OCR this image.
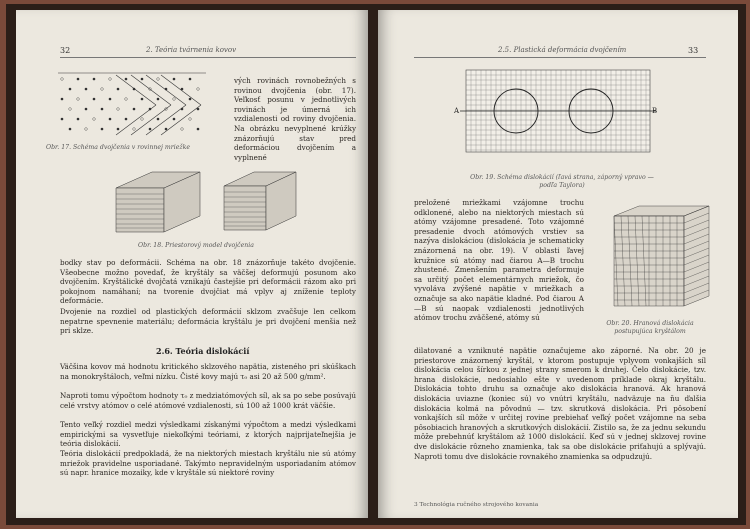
32	2. Teória tvárnenia kovov
Obr. 17. Schéma dvojčenia v rovinnej mriežke
vých rovinách rovnobežných s rovinou dvojčenia (obr. 17). Veľkosť posunu v jednotlivých rovinách je úmerná ich vzdialenosti od roviny dvojčenia. Na obrázku nevyplnené krúžky znázorňujú stav pred deformáciou dvojčením a vyplnené
Obr. 18. Priestorový model dvojčenia
bodky stav po deformácii. Schéma na obr. 18 znázorňuje takéto dvojčenie. Všeobecne možno povedať, že kryštály sa väčšej deformujú posunom ako dvojčením. Kryštálické dvojčatá vznikajú častejšie pri deformácii rázom ako pri pokojnom namáhaní; na tvorenie dvojčiat má vplyv aj zníženie teploty deformácie.
Dvojenie na rozdiel od plastických deformácií sklzom zvačšuje len celkom nepatrne spevnenie materiálu; deformácia kryštálu je pri dvojčení menšia než pri sklze.
2.6. Teória dislokácií
Väčšina kovov má hodnotu kritického sklzového napätia, zistenéhо pri skúškach na monokryštáloch, veľmi nízku. Čisté kovy majú τ₀ asi 20 až 500 g/mm².
Naproti tomu výpočtom hodnoty τ₀ z medziatómových síl, ak sa po sebe posúvajú celé vrstvy atómov o celé atómové vzdialenosti, sú 100 až 1000 krát väčšie.
Tento veľký rozdiel medzi výsledkami získanými výpočtom a medzi výsledkami empirickými sa vysvetľuje niekoľkými teóriami, z ktorých najprijateľnejšia je teória dislokácií.
Teória dislokácií predpokladá, že na niektorých miestach kryštálu nie sú atómy mriežok pravidelne usporiadané. Takýmto nepravidelným usporiadaním atómov sú napr. hranice mozaiky, kde v kryštále sú niektoré roviny
2.5. Plastická deformácia dvojčením	33
A	B
Obr. 19. Schéma dislokácií (ľavá strana, záporný vpravo — podľa Taylora)
preložené mriežkami vzájomne trochu odklonené, alebo na niektorých miestach sú atómy vzájomne presadené. Toto vzájomné presadenie dvoch atómových vrstiev sa nazýva dislokáciou (dislokácia je schematicky znázornená na obr. 19). V oblasti ľavej kružnice sú atómy nad čiarou A—B trochu zhustené. Zmenšením parametra deformuje sa určitý počet elementárnych mriežok, čo vyvoláva zvýšené napätie v mriežkach a označuje sa ako napätie kladné. Pod čiarou A—B sú naopak vzdialenosti jednotlivých atómov trochu zväčšené, atómy sú
Obr. 20. Hranová dislokácia postupujúca kryštálom
dilatované a vzniknuté napätie označujeme ako záporné. Na obr. 20 je priestorove znázornený kryštál, v ktorom postupuje vplyvom vonkajších síl dislokácia celou šírkou z jednej strany smerom k druhej. Čelo dislokácie, tzv. hrana dislokácie, nedosiahlo ešte v uvedenom príklade okraj kryštálu. Dislokácia tohto druhu sa označuje ako dislokácia hranová. Ak hranová dislokácia uviazne (koniec sú) vo vnútri kryštálu, nadväzuje na ňu ďalšia dislokácia kolmá na pôvodnú — tzv. skrutková dislokácia. Pri pôsobení vonkajších síl môže v určitej rovine prebiehať veľký počet vzájomne na seba pôsobiacich hranových a skrutkových dislokácií. Zistilo sa, že za jednu sekundu môže prebehnúť kryštálom až 1000 dislokácií. Keď sú v jednej sklzovej rovine dve dislokácie rôzneho znamienka, tak sa obe dislokácie priťahujú a splývajú. Naproti tomu dve dislokácie rovnakého znamienka sa odpudzujú.
3 Technológia ručného strojového kovania
